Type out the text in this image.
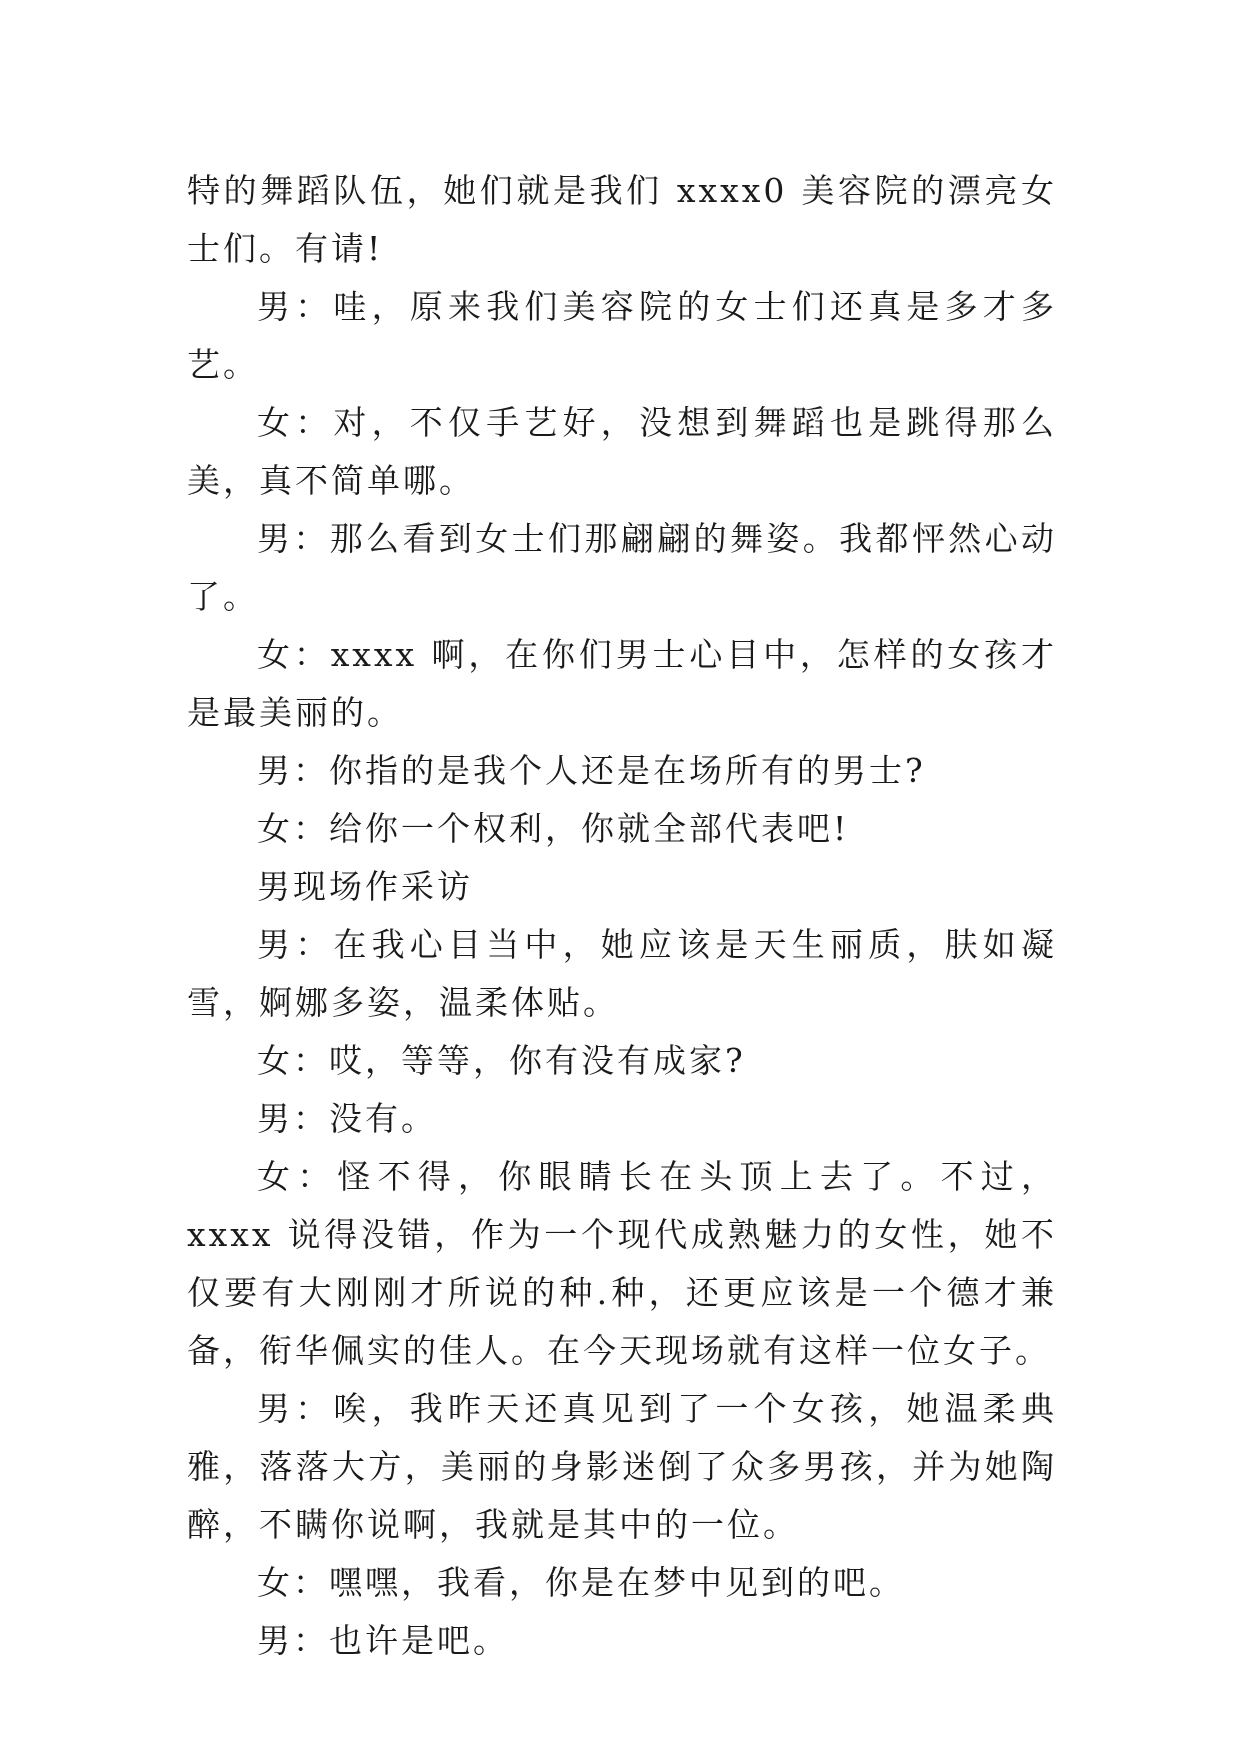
特的舞蹈队伍，她们就是我们 xxxx0 美容院的漂亮女士们。有请!

男：哇，原来我们美容院的女士们还真是多才多艺。

女：对，不仅手艺好，没想到舞蹈也是跳得那么美，真不简单哪。

男：那么看到女士们那翩翩的舞姿。我都怦然心动了。

女：xxxx 啊，在你们男士心目中，怎样的女孩才是最美丽的。

男：你指的是我个人还是在场所有的男士?

女：给你一个权利，你就全部代表吧!

男现场作采访

男：在我心目当中，她应该是天生丽质，肤如凝雪，婀娜多姿，温柔体贴。

女：哎，等等，你有没有成家?

男：没有。

女：怪不得，你眼睛长在头顶上去了。不过，xxxx 说得没错，作为一个现代成熟魅力的女性，她不仅要有大刚刚才所说的种.种，还更应该是一个德才兼备，衔华佩实的佳人。在今天现场就有这样一位女子。

男：唉，我昨天还真见到了一个女孩，她温柔典雅，落落大方，美丽的身影迷倒了众多男孩，并为她陶醉，不瞒你说啊，我就是其中的一位。

女：嘿嘿，我看，你是在梦中见到的吧。

男：也许是吧。
